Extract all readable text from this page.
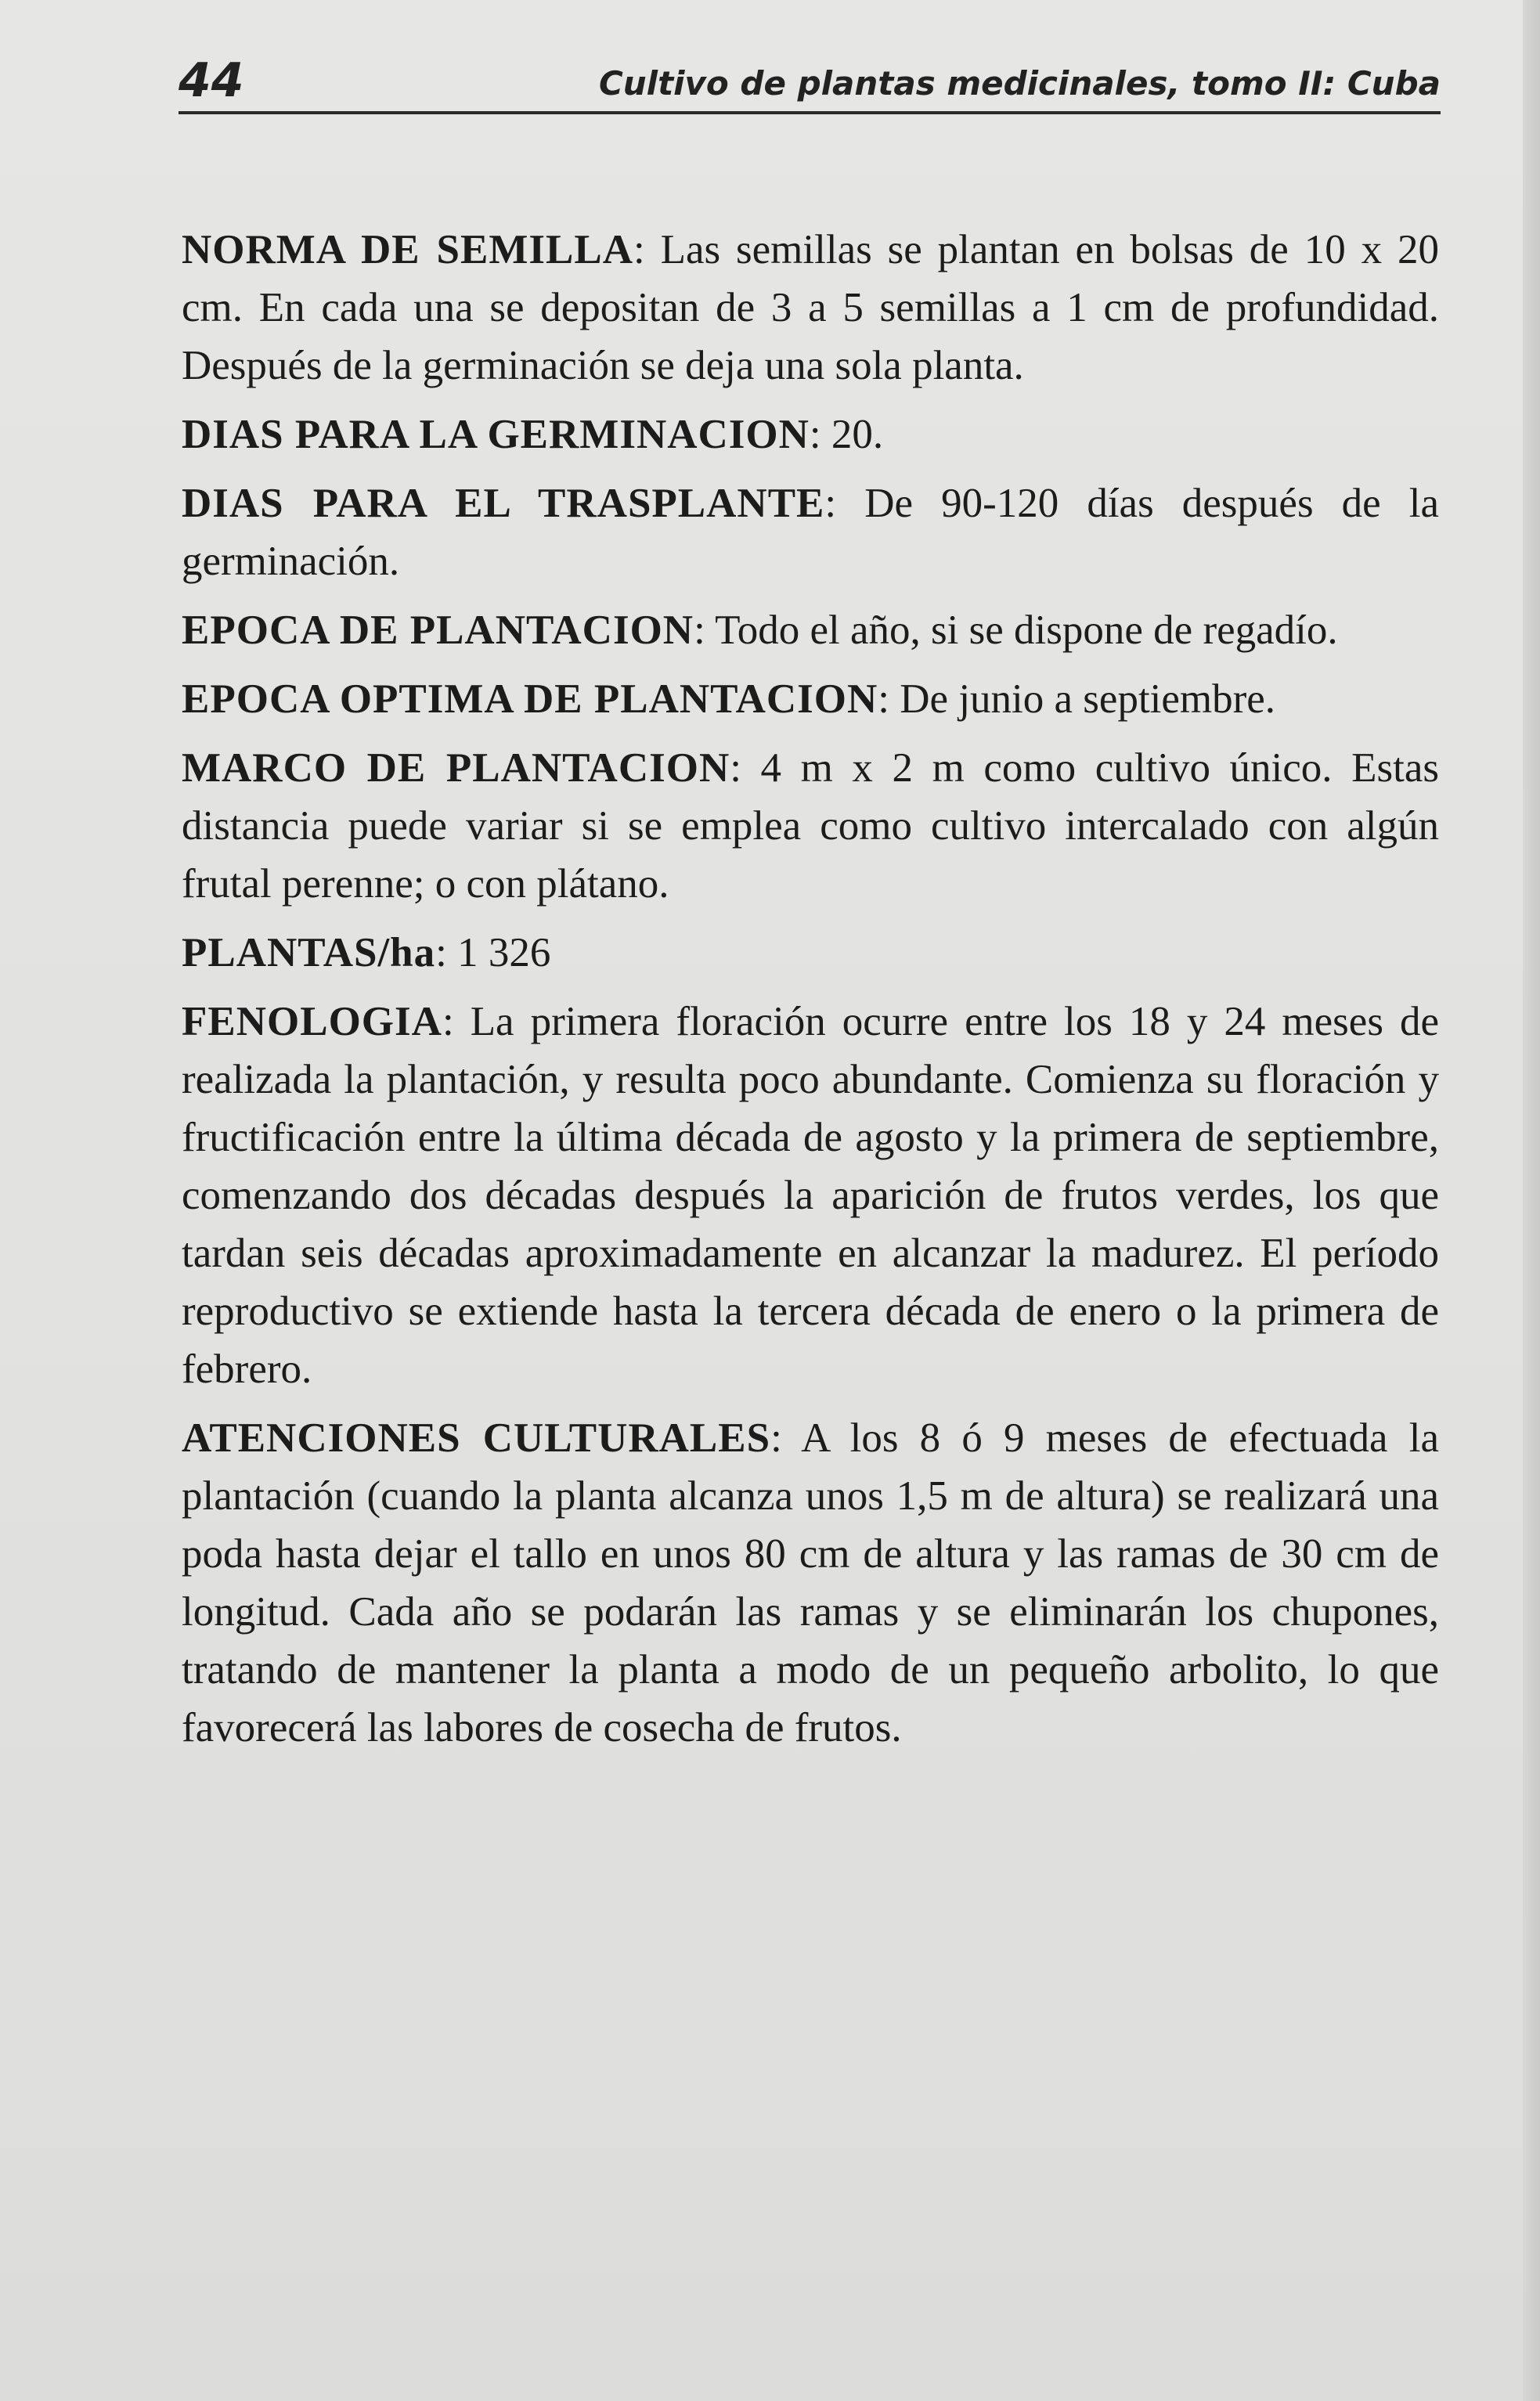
44	Cultivo de plantas medicinales, tomo II: Cuba

NORMA DE SEMILLA: Las semillas se plantan en bolsas de 10 x 20 cm. En cada una se depositan de 3 a 5 semillas a 1 cm de profundidad. Después de la germinación se deja una sola planta.

DIAS PARA LA GERMINACION: 20.

DIAS PARA EL TRASPLANTE: De 90-120 días después de la germinación.

EPOCA DE PLANTACION: Todo el año, si se dispone de regadío.

EPOCA OPTIMA DE PLANTACION: De junio a septiembre.

MARCO DE PLANTACION: 4 m x 2 m como cultivo único. Estas distancia puede variar si se emplea como cultivo intercalado con algún frutal perenne; o con plátano.

PLANTAS/ha: 1 326

FENOLOGIA: La primera floración ocurre entre los 18 y 24 meses de realizada la plantación, y resulta poco abundante. Comienza su floración y fructificación entre la última década de agosto y la primera de septiembre, comenzando dos décadas después la aparición de frutos verdes, los que tardan seis décadas aproximadamente en alcanzar la madurez. El período reproductivo se extiende hasta la tercera década de enero o la primera de febrero.

ATENCIONES CULTURALES: A los 8 ó 9 meses de efectuada la plantación (cuando la planta alcanza unos 1,5 m de altura) se realizará una poda hasta dejar el tallo en unos 80 cm de altura y las ramas de 30 cm de longitud. Cada año se podarán las ramas y se eliminarán los chupones, tratando de mantener la planta a modo de un pequeño arbolito, lo que favorecerá las labores de cosecha de frutos.
